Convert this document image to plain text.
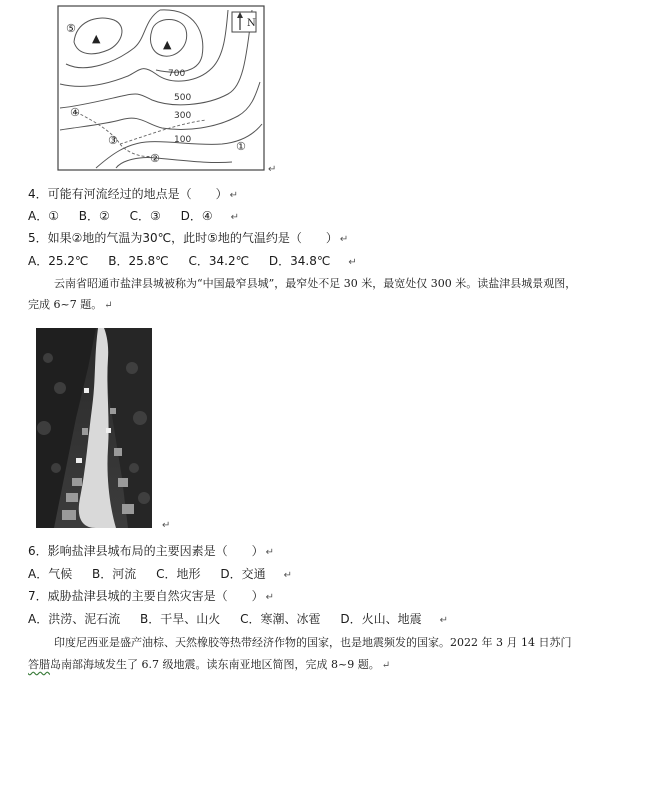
N
▲	▲
700
500
300
100
⑤
④
③
②
①
↵
4．可能有河流经过的地点是（　　） ↵
A．① B．② C．③ D．④ ↵
5．如果②地的气温为30℃，此时⑤地的气温约是（　　） ↵
A．25.2℃ B．25.8℃ C．34.2℃ D．34.8℃ ↵
云南省昭通市盐津县城被称为“中国最窄县城”，最窄处不足 30 米，最宽处仅 300 米。读盐津县城景观图，
完成 6~7 题。 ↵
↵
6．影响盐津县城布局的主要因素是（　　） ↵
A．气候 B．河流 C．地形 D．交通 ↵
7．威胁盐津县城的主要自然灾害是（　　） ↵
A．洪涝、泥石流 B．干旱、山火 C．寒潮、冰雹 D．火山、地震 ↵
印度尼西亚是盛产油棕、天然橡胶等热带经济作物的国家，也是地震频发的国家。2022 年 3 月 14 日苏门
答腊岛南部海域发生了 6.7 级地震。读东南亚地区简图，完成 8~9 题。 ↵
